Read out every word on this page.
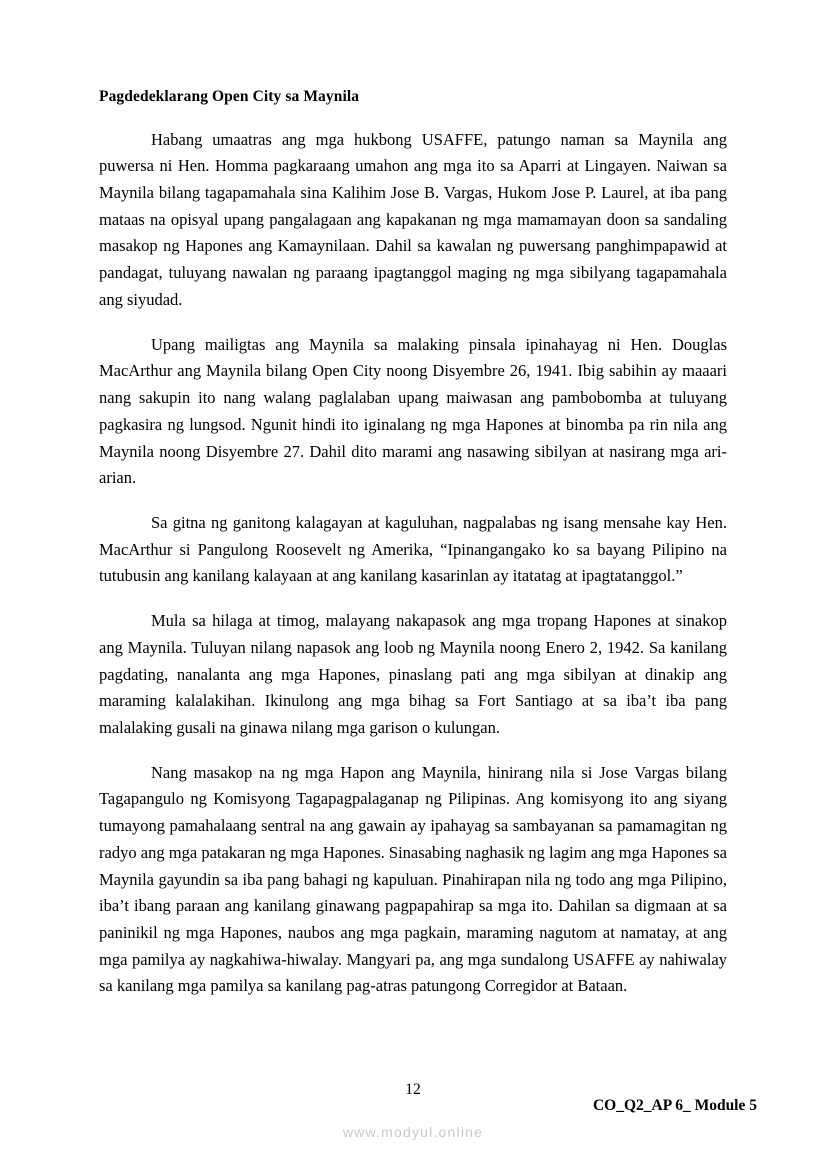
Pagdedeklarang Open City sa Maynila

Habang umaatras ang mga hukbong USAFFE, patungo naman sa Maynila ang puwersa ni Hen. Homma pagkaraang umahon ang mga ito sa Aparri at Lingayen. Naiwan sa Maynila bilang tagapamahala sina Kalihim Jose B. Vargas, Hukom Jose P. Laurel, at iba pang mataas na opisyal upang pangalagaan ang kapakanan ng mga mamamayan doon sa sandaling masakop ng Hapones ang Kamaynilaan. Dahil sa kawalan ng puwersang panghimpapawid at pandagat, tuluyang nawalan ng paraang ipagtanggol maging ng mga sibilyang tagapamahala ang siyudad.

Upang mailigtas ang Maynila sa malaking pinsala ipinahayag ni Hen. Douglas MacArthur ang Maynila bilang Open City noong Disyembre 26, 1941. Ibig sabihin ay maaari nang sakupin ito nang walang paglalaban upang maiwasan ang pambobomba at tuluyang pagkasira ng lungsod. Ngunit hindi ito iginalang ng mga Hapones at binomba pa rin nila ang Maynila noong Disyembre 27. Dahil dito marami ang nasawing sibilyan at nasirang mga ari-arian.

Sa gitna ng ganitong kalagayan at kaguluhan, nagpalabas ng isang mensahe kay Hen. MacArthur si Pangulong Roosevelt ng Amerika, “Ipinangangako ko sa bayang Pilipino na tutubusin ang kanilang kalayaan at ang kanilang kasarinlan ay itatatag at ipagtatanggol.”

Mula sa hilaga at timog, malayang nakapasok ang mga tropang Hapones at sinakop ang Maynila. Tuluyan nilang napasok ang loob ng Maynila noong Enero 2, 1942. Sa kanilang pagdating, nanalanta ang mga Hapones, pinaslang pati ang mga sibilyan at dinakip ang maraming kalalakihan. Ikinulong ang mga bihag sa Fort Santiago at sa iba’t iba pang malalaking gusali na ginawa nilang mga garison o kulungan.

Nang masakop na ng mga Hapon ang Maynila, hinirang nila si Jose Vargas bilang Tagapangulo ng Komisyong Tagapagpalaganap ng Pilipinas. Ang komisyong ito ang siyang tumayong pamahalaang sentral na ang gawain ay ipahayag sa sambayanan sa pamamagitan ng radyo ang mga patakaran ng mga Hapones. Sinasabing naghasik ng lagim ang mga Hapones sa Maynila gayundin sa iba pang bahagi ng kapuluan. Pinahirapan nila ng todo ang mga Pilipino, iba’t ibang paraan ang kanilang ginawang pagpapahirap sa mga ito. Dahilan sa digmaan at sa paninikil ng mga Hapones, naubos ang mga pagkain, maraming nagutom at namatay, at ang mga pamilya ay nagkahiwa-hiwalay. Mangyari pa, ang mga sundalong USAFFE ay nahiwalay sa kanilang mga pamilya sa kanilang pag-atras patungong Corregidor at Bataan.

12
CO_Q2_AP 6_ Module 5
www.modyul.online
